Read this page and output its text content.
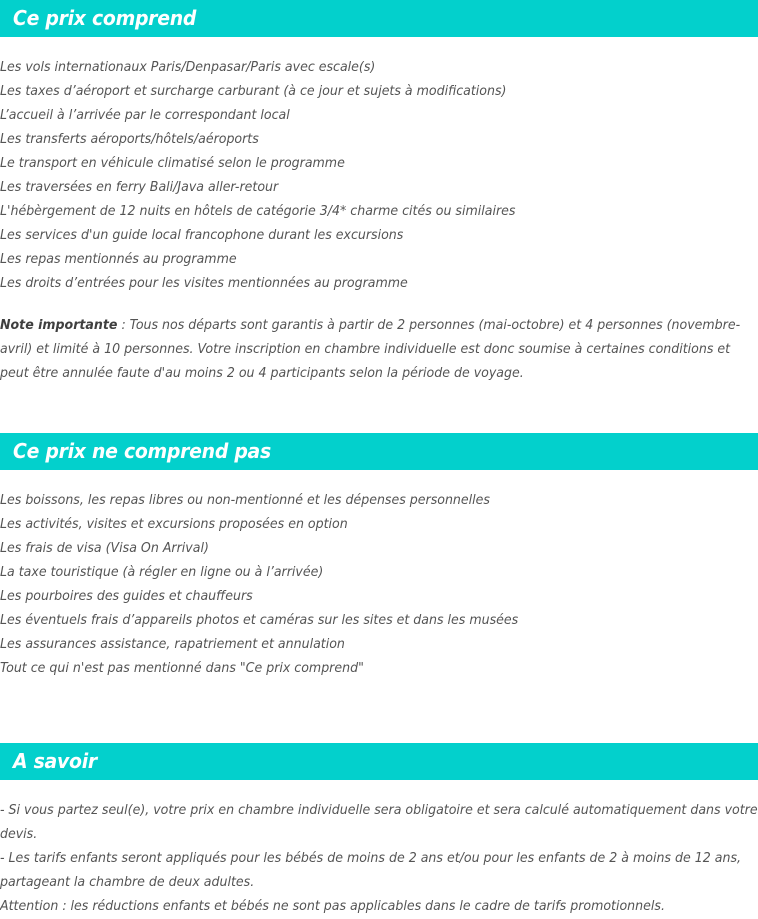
Ce prix comprend
Les vols internationaux Paris/Denpasar/Paris avec escale(s)
Les taxes d’aéroport et surcharge carburant (à ce jour et sujets à modifications)
L’accueil à l’arrivée par le correspondant local
Les transferts aéroports/hôtels/aéroports
Le transport en véhicule climatisé selon le programme
Les traversées en ferry Bali/Java aller-retour
L'hébèrgement de 12 nuits en hôtels de catégorie 3/4* charme cités ou similaires
Les services d'un guide local francophone durant les excursions
Les repas mentionnés au programme
Les droits d’entrées pour les visites mentionnées au programme

Note importante : Tous nos départs sont garantis à partir de 2 personnes (mai-octobre) et 4 personnes (novembre-avril) et limité à 10 personnes. Votre inscription en chambre individuelle est donc soumise à certaines conditions et peut être annulée faute d'au moins 2 ou 4 participants selon la période de voyage.

Ce prix ne comprend pas
Les boissons, les repas libres ou non-mentionné et les dépenses personnelles
Les activités, visites et excursions proposées en option
Les frais de visa (Visa On Arrival)
La taxe touristique (à régler en ligne ou à l’arrivée)
Les pourboires des guides et chauffeurs
Les éventuels frais d’appareils photos et caméras sur les sites et dans les musées
Les assurances assistance, rapatriement et annulation
Tout ce qui n'est pas mentionné dans "Ce prix comprend"
A savoir

- Si vous partez seul(e), votre prix en chambre individuelle sera obligatoire et sera calculé automatiquement dans votre devis.

- Les tarifs enfants seront appliqués pour les bébés de moins de 2 ans et/ou pour les enfants de 2 à moins de 12 ans, partageant la chambre de deux adultes.

Attention : les réductions enfants et bébés ne sont pas applicables dans le cadre de tarifs promotionnels.
